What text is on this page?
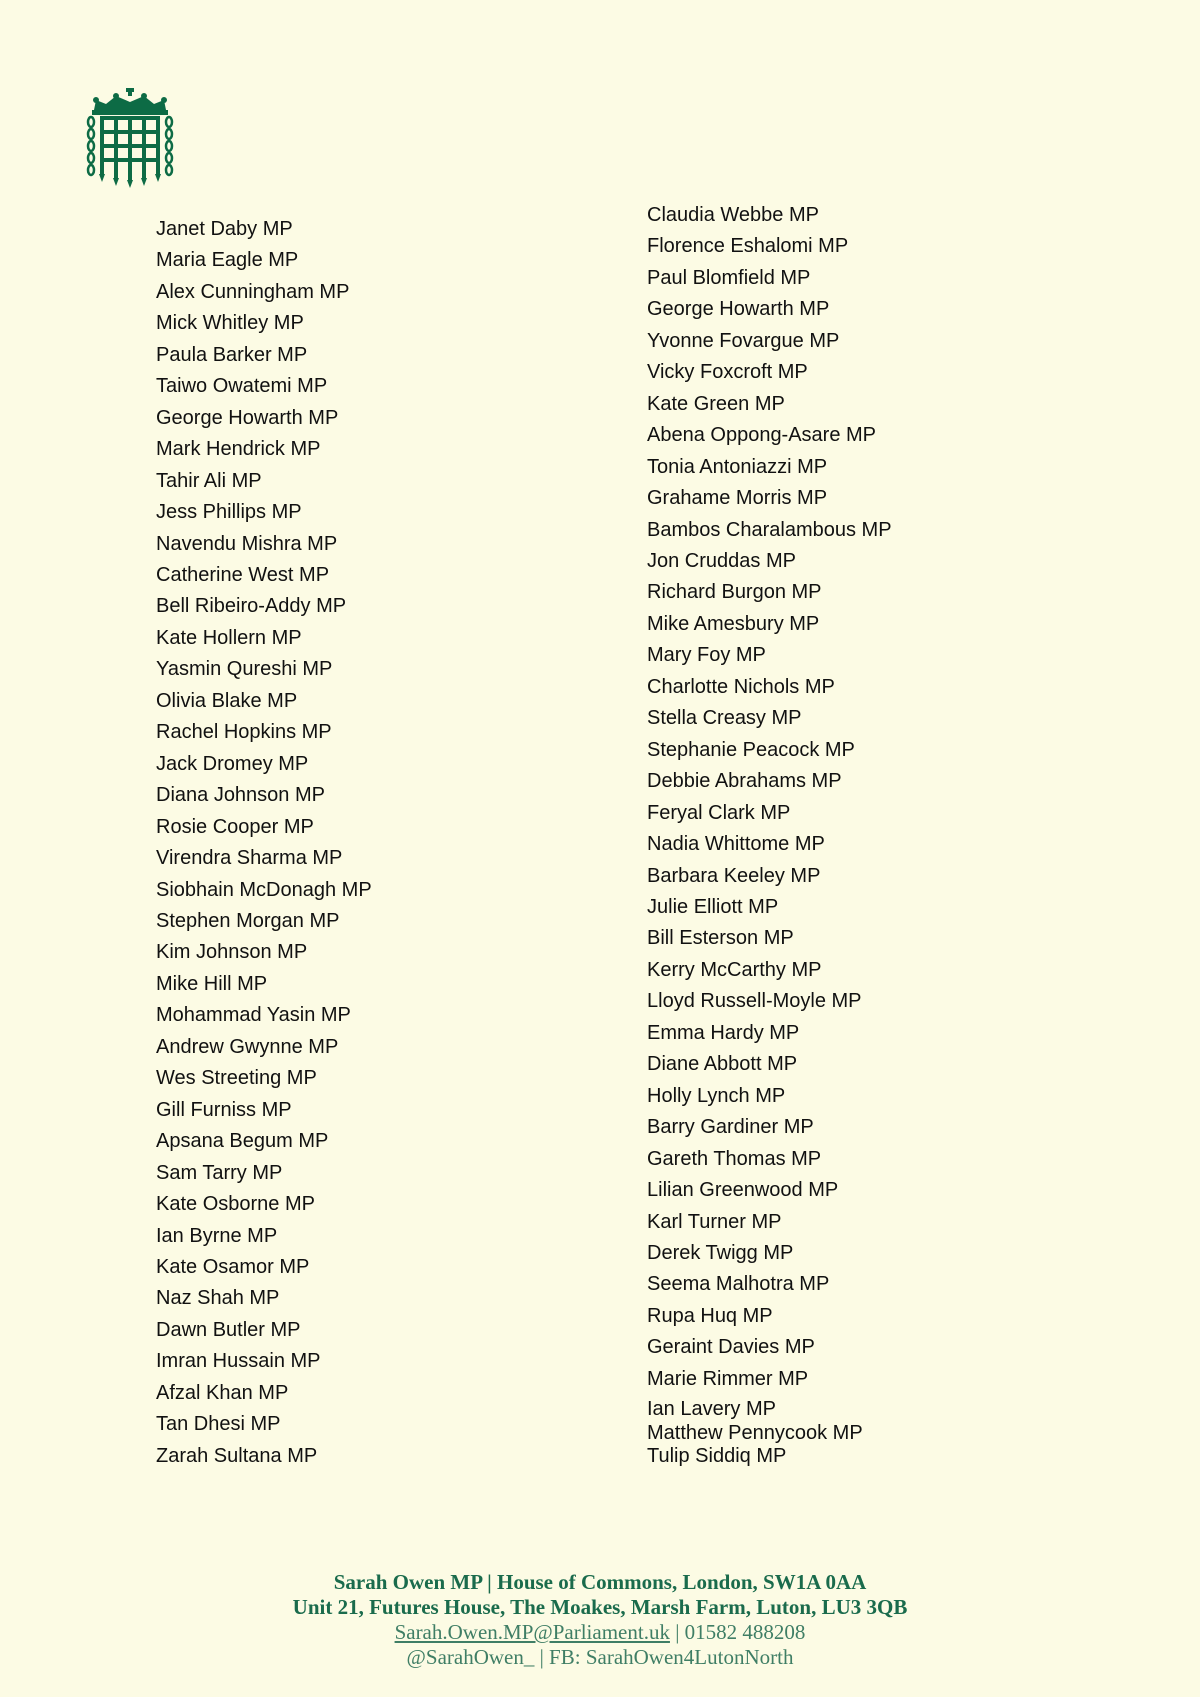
Janet Daby MP
Maria Eagle MP
Alex Cunningham MP
Mick Whitley MP
Paula Barker MP
Taiwo Owatemi MP
George Howarth MP
Mark Hendrick MP
Tahir Ali MP
Jess Phillips MP
Navendu Mishra MP
Catherine West MP
Bell Ribeiro-Addy MP
Kate Hollern MP
Yasmin Qureshi MP
Olivia Blake MP
Rachel Hopkins MP
Jack Dromey MP
Diana Johnson MP
Rosie Cooper MP
Virendra Sharma MP
Siobhain McDonagh MP
Stephen Morgan MP
Kim Johnson MP
Mike Hill MP
Mohammad Yasin MP
Andrew Gwynne MP
Wes Streeting MP
Gill Furniss MP
Apsana Begum MP
Sam Tarry MP
Kate Osborne MP
Ian Byrne MP
Kate Osamor MP
Naz Shah MP
Dawn Butler MP
Imran Hussain MP
Afzal Khan MP
Tan Dhesi MP
Zarah Sultana MP
Claudia Webbe MP
Florence Eshalomi MP
Paul Blomfield MP
George Howarth MP
Yvonne Fovargue MP
Vicky Foxcroft MP
Kate Green MP
Abena Oppong-Asare MP
Tonia Antoniazzi MP
Grahame Morris MP
Bambos Charalambous MP
Jon Cruddas MP
Richard Burgon MP
Mike Amesbury MP
Mary Foy MP
Charlotte Nichols MP
Stella Creasy MP
Stephanie Peacock MP
Debbie Abrahams MP
Feryal Clark MP
Nadia Whittome MP
Barbara Keeley MP
Julie Elliott MP
Bill Esterson MP
Kerry McCarthy MP
Lloyd Russell-Moyle MP
Emma Hardy MP
Diane Abbott MP
Holly Lynch MP
Barry Gardiner MP
Gareth Thomas MP
Lilian Greenwood MP
Karl Turner MP
Derek Twigg MP
Seema Malhotra MP
Rupa Huq MP
Geraint Davies MP
Marie Rimmer MP
Ian Lavery MP
Matthew Pennycook MP
Tulip Siddiq MP
Sarah Owen MP | House of Commons, London, SW1A 0AA
Unit 21, Futures House, The Moakes, Marsh Farm, Luton, LU3 3QB
Sarah.Owen.MP@Parliament.uk | 01582 488208
@SarahOwen_ | FB: SarahOwen4LutonNorth
